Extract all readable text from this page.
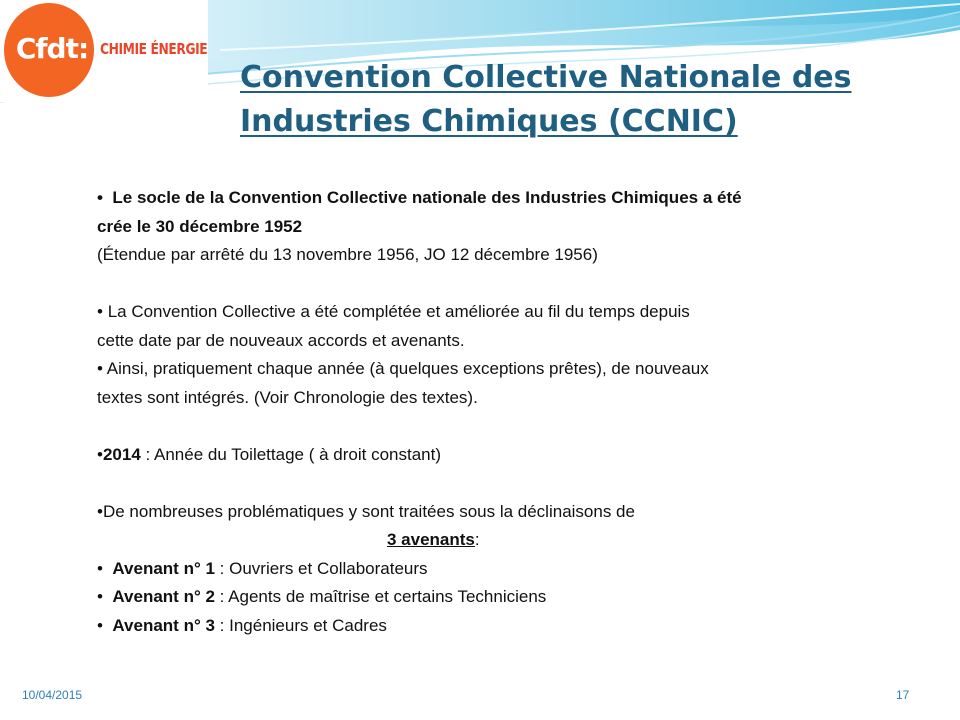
Cfdt: CHIMIE ÉNERGIE
Convention Collective Nationale des
Industries Chimiques (CCNIC)
•  Le socle de la Convention Collective nationale des Industries Chimiques a été
crée le 30 décembre 1952
(Étendue par arrêté du 13 novembre 1956, JO 12 décembre 1956)
• La Convention Collective a été complétée et améliorée au fil du temps depuis
cette date par de nouveaux accords et avenants.
• Ainsi, pratiquement chaque année (à quelques exceptions prêtes), de nouveaux
textes sont intégrés. (Voir Chronologie des textes).
•2014 : Année du Toilettage ( à droit constant)
•De nombreuses problématiques y sont traitées sous la déclinaisons de
3 avenants:
•  Avenant n° 1 : Ouvriers et Collaborateurs
•  Avenant n° 2 : Agents de maîtrise et certains Techniciens
•  Avenant n° 3 : Ingénieurs et Cadres
10/04/2015	17
